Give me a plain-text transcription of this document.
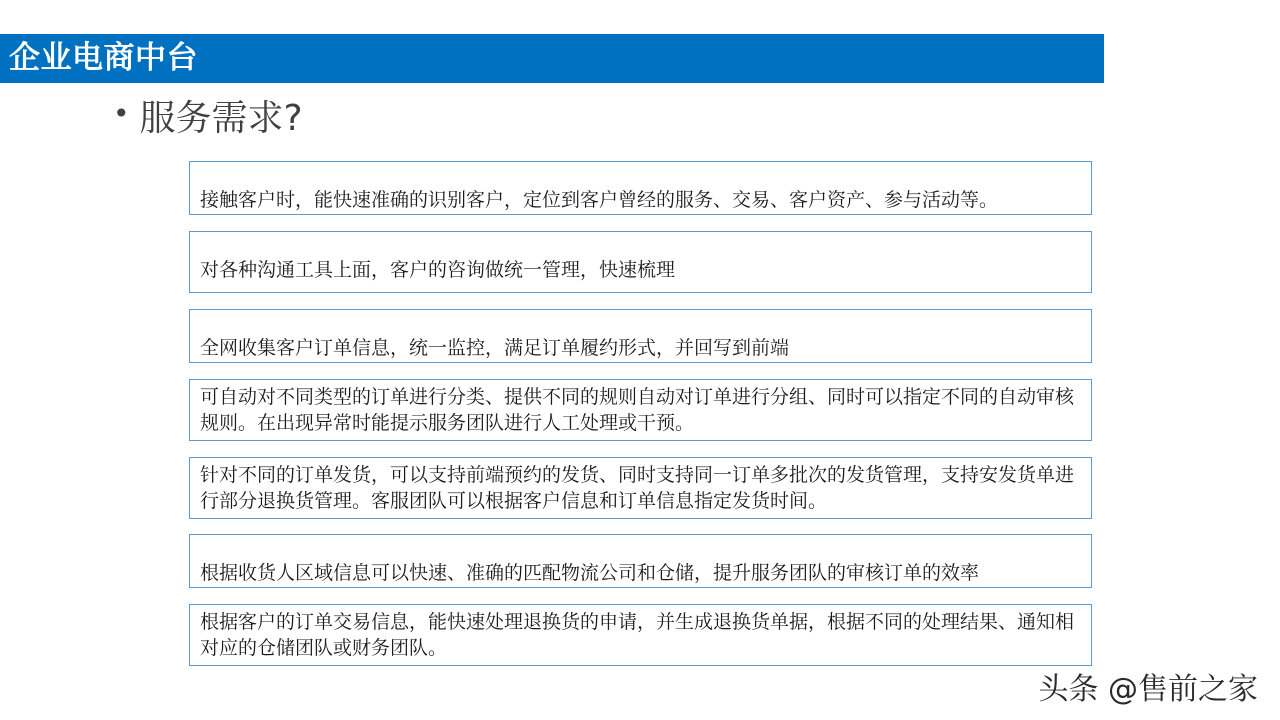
企业电商中台
• 服务需求?
接触客户时，能快速准确的识别客户，定位到客户曾经的服务、交易、客户资产、参与活动等。
对各种沟通工具上面，客户的咨询做统一管理，快速梳理
全网收集客户订单信息，统一监控，满足订单履约形式，并回写到前端
可自动对不同类型的订单进行分类、提供不同的规则自动对订单进行分组、同时可以指定不同的自动审核规则。在出现异常时能提示服务团队进行人工处理或干预。
针对不同的订单发货，可以支持前端预约的发货、同时支持同一订单多批次的发货管理，支持安发货单进行部分退换货管理。客服团队可以根据客户信息和订单信息指定发货时间。
根据收货人区域信息可以快速、准确的匹配物流公司和仓储，提升服务团队的审核订单的效率
根据客户的订单交易信息，能快速处理退换货的申请，并生成退换货单据，根据不同的处理结果、通知相对应的仓储团队或财务团队。
头条 @售前之家
